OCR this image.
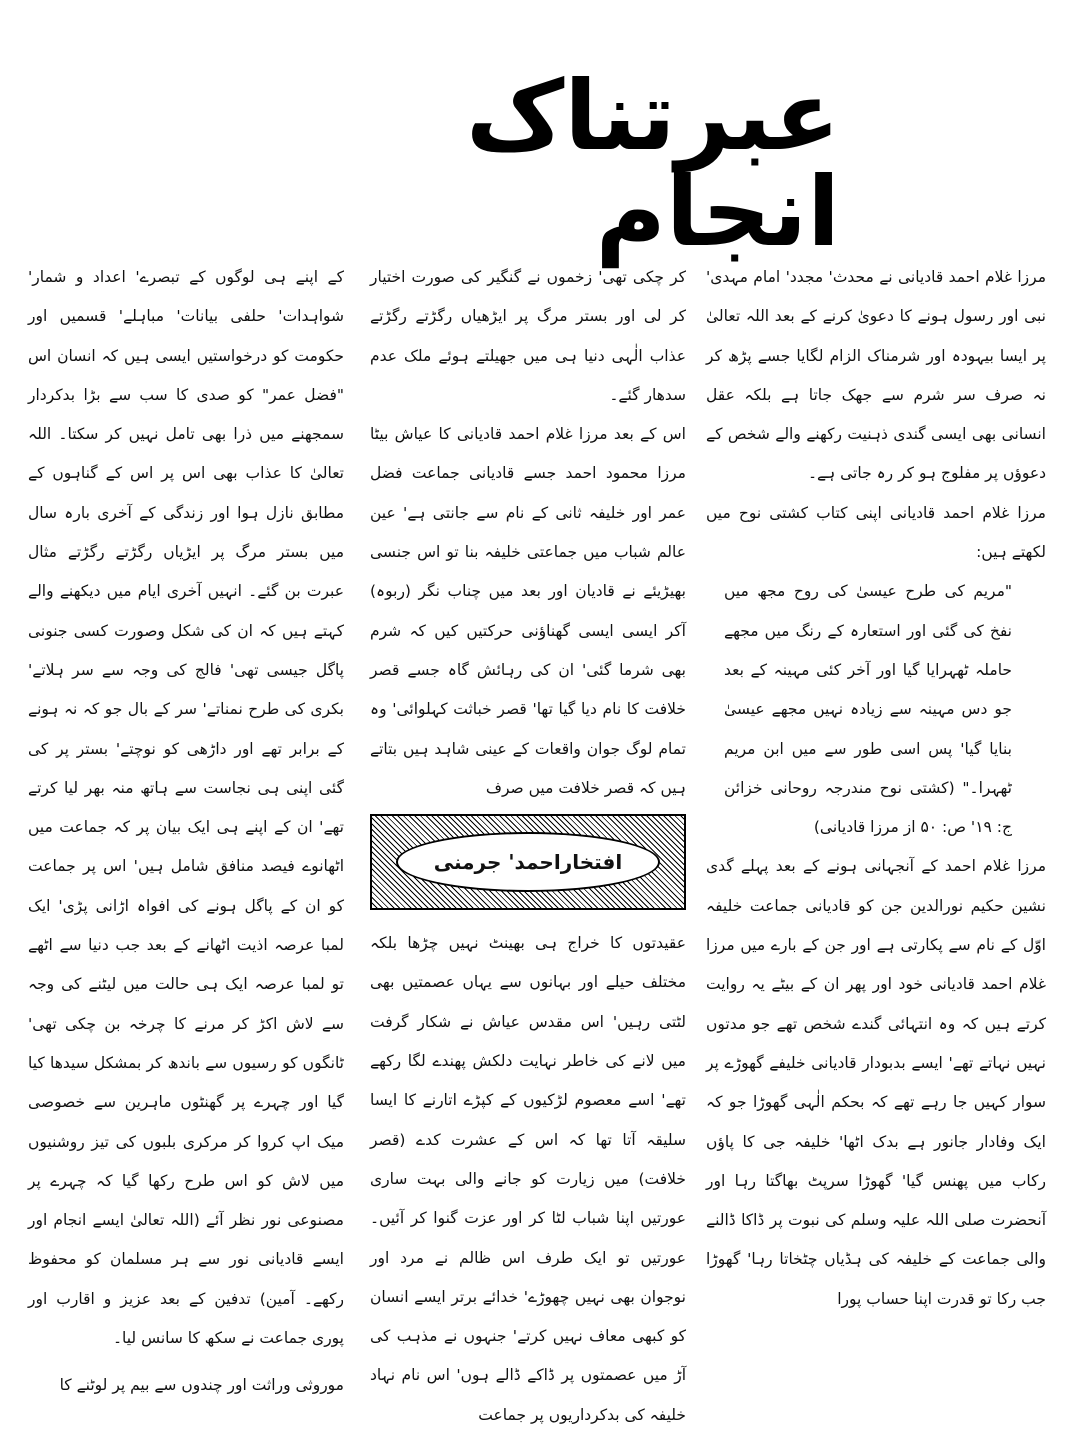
عبرتناک انجام

مرزا غلام احمد قادیانی نے محدث' مجدد' امام مہدی' نبی اور رسول ہونے کا دعویٰ کرنے کے بعد اللہ تعالیٰ پر ایسا بیہودہ اور شرمناک الزام لگایا جسے پڑھ کر نہ صرف سر شرم سے جھک جاتا ہے بلکہ عقل انسانی بھی ایسی گندی ذہنیت رکھنے والے شخص کے دعوؤں پر مفلوج ہو کر رہ جاتی ہے۔

مرزا غلام احمد قادیانی اپنی کتاب کشتی نوح میں لکھتے ہیں:

"مریم کی طرح عیسیٰ کی روح مجھ میں نفخ کی گئی اور استعارہ کے رنگ میں مجھے حاملہ ٹھہرایا گیا اور آخر کئی مہینہ کے بعد جو دس مہینہ سے زیادہ نہیں مجھے عیسیٰ بنایا گیا' پس اسی طور سے میں ابن مریم ٹھہرا۔" (کشتی نوح مندرجہ روحانی خزائن ج: ۱۹' ص: ۵۰ از مرزا قادیانی)

مرزا غلام احمد کے آنجہانی ہونے کے بعد پہلے گدی نشین حکیم نورالدین جن کو قادیانی جماعت خلیفہ اوّل کے نام سے پکارتی ہے اور جن کے بارے میں مرزا غلام احمد قادیانی خود اور پھر ان کے بیٹے یہ روایت کرتے ہیں کہ وہ انتہائی گندے شخص تھے جو مدتوں نہیں نہاتے تھے' ایسے بدبودار قادیانی خلیفے گھوڑے پر سوار کہیں جا رہے تھے کہ بحکم الٰہی گھوڑا جو کہ ایک وفادار جانور ہے بدک اٹھا' خلیفہ جی کا پاؤں رکاب میں پھنس گیا' گھوڑا سرپٹ بھاگتا رہا اور آنحضرت صلی اللہ علیہ وسلم کی نبوت پر ڈاکا ڈالنے والی جماعت کے خلیفہ کی ہڈیاں چٹخاتا رہا' گھوڑا جب رکا تو قدرت اپنا حساب پورا

کر چکی تھی' زخموں نے گنگیر کی صورت اختیار کر لی اور بستر مرگ پر ایڑھیاں رگڑتے رگڑتے عذاب الٰہی دنیا ہی میں جھیلتے ہوئے ملک عدم سدھار گئے۔

اس کے بعد مرزا غلام احمد قادیانی کا عیاش بیٹا مرزا محمود احمد جسے قادیانی جماعت فضل عمر اور خلیفہ ثانی کے نام سے جانتی ہے' عین عالم شباب میں جماعتی خلیفہ بنا تو اس جنسی بھیڑیئے نے قادیان اور بعد میں چناب نگر (ربوہ) آکر ایسی ایسی گھناؤنی حرکتیں کیں کہ شرم بھی شرما گئی' ان کی رہائش گاہ جسے قصر خلافت کا نام دیا گیا تھا' قصر خباثت کہلوائی' وہ تمام لوگ جوان واقعات کے عینی شاہد ہیں بتاتے ہیں کہ قصر خلافت میں صرف

افتخاراحمد' جرمنی

عقیدتوں کا خراج ہی بھینٹ نہیں چڑھا بلکہ مختلف حیلے اور بہانوں سے یہاں عصمتیں بھی لٹتی رہیں' اس مقدس عیاش نے شکار گرفت میں لانے کی خاطر نہایت دلکش پھندے لگا رکھے تھے' اسے معصوم لڑکیوں کے کپڑے اتارنے کا ایسا سلیقہ آتا تھا کہ اس کے عشرت کدے (قصر خلافت) میں زیارت کو جانے والی بہت ساری عورتیں اپنا شباب لٹا کر اور عزت گنوا کر آئیں۔ عورتیں تو ایک طرف اس ظالم نے مرد اور نوجوان بھی نہیں چھوڑے' خدائے برتر ایسے انسان کو کبھی معاف نہیں کرتے' جنہوں نے مذہب کی آڑ میں عصمتوں پر ڈاکے ڈالے ہوں' اس نام نہاد خلیفہ کی بدکرداریوں پر جماعت

کے اپنے ہی لوگوں کے تبصرے' اعداد و شمار' شواہدات' حلفی بیانات' مباہلے' قسمیں اور حکومت کو درخواستیں ایسی ہیں کہ انسان اس "فضل عمر" کو صدی کا سب سے بڑا بدکردار سمجھنے میں ذرا بھی تامل نہیں کر سکتا۔ اللہ تعالیٰ کا عذاب بھی اس پر اس کے گناہوں کے مطابق نازل ہوا اور زندگی کے آخری بارہ سال میں بستر مرگ پر ایڑیاں رگڑتے رگڑتے مثال عبرت بن گئے۔ انہیں آخری ایام میں دیکھنے والے کہتے ہیں کہ ان کی شکل وصورت کسی جنونی پاگل جیسی تھی' فالج کی وجہ سے سر ہلاتے' بکری کی طرح نمناتے' سر کے بال جو کہ نہ ہونے کے برابر تھے اور داڑھی کو نوچتے' بستر پر کی گئی اپنی ہی نجاست سے ہاتھ منہ بھر لیا کرتے تھے' ان کے اپنے ہی ایک بیان پر کہ جماعت میں اٹھانوے فیصد منافق شامل ہیں' اس پر جماعت کو ان کے پاگل ہونے کی افواہ اڑانی پڑی' ایک لمبا عرصہ اذیت اٹھانے کے بعد جب دنیا سے اٹھے تو لمبا عرصہ ایک ہی حالت میں لیٹنے کی وجہ سے لاش اکڑ کر مرنے کا چرخہ بن چکی تھی' ٹانگوں کو رسیوں سے باندھ کر بمشکل سیدھا کیا گیا اور چہرے پر گھنٹوں ماہرین سے خصوصی میک اپ کروا کر مرکری بلبوں کی تیز روشنیوں میں لاش کو اس طرح رکھا گیا کہ چہرے پر مصنوعی نور نظر آئے (اللہ تعالیٰ ایسے انجام اور ایسے قادیانی نور سے ہر مسلمان کو محفوظ رکھے۔ آمین) تدفین کے بعد عزیز و اقارب اور پوری جماعت نے سکھ کا سانس لیا۔

موروثی وراثت اور چندوں سے بیم پر لوٹنے کا
